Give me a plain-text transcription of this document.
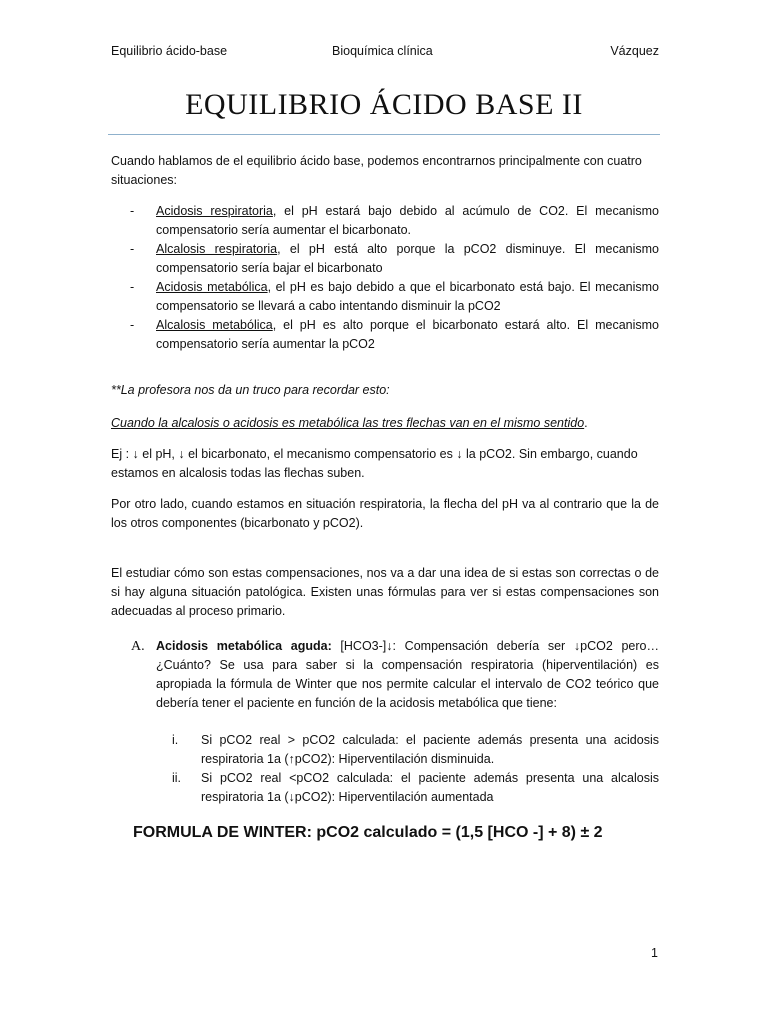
Equilibrio ácido-base	Bioquímica clínica	Vázquez
EQUILIBRIO ÁCIDO BASE II

Cuando hablamos de el equilibrio ácido base, podemos encontrarnos principalmente con cuatro situaciones:

- Acidosis respiratoria, el pH estará bajo debido al acúmulo de CO2. El mecanismo compensatorio sería aumentar el bicarbonato.
- Alcalosis respiratoria, el pH está alto porque la pCO2 disminuye. El mecanismo compensatorio sería bajar el bicarbonato
- Acidosis metabólica, el pH es bajo debido a que el bicarbonato está bajo. El mecanismo compensatorio se llevará a cabo intentando disminuir la pCO2
- Alcalosis metabólica, el pH es alto porque el bicarbonato estará alto. El mecanismo compensatorio sería aumentar la pCO2

**La profesora nos da un truco para recordar esto:

Cuando la alcalosis o acidosis es metabólica las tres flechas van en el mismo sentido.

Ej : ↓ el pH, ↓ el bicarbonato, el mecanismo compensatorio es ↓ la pCO2. Sin embargo, cuando estamos en alcalosis todas las flechas suben.

Por otro lado, cuando estamos en situación respiratoria, la flecha del pH va al contrario que la de los otros componentes (bicarbonato y pCO2).

El estudiar cómo son estas compensaciones, nos va a dar una idea de si estas son correctas o de si hay alguna situación patológica. Existen unas fórmulas para ver si estas compensaciones son adecuadas al proceso primario.

A. Acidosis metabólica aguda: [HCO3-]↓: Compensación debería ser ↓pCO2 pero… ¿Cuánto? Se usa para saber si la compensación respiratoria (hiperventilación) es apropiada la fórmula de Winter que nos permite calcular el intervalo de CO2 teórico que debería tener el paciente en función de la acidosis metabólica que tiene:
i. Si pCO2 real > pCO2 calculada: el paciente además presenta una acidosis respiratoria 1a (↑pCO2): Hiperventilación disminuida.
ii. Si pCO2 real <pCO2 calculada: el paciente además presenta una alcalosis respiratoria 1a (↓pCO2): Hiperventilación aumentada
FORMULA DE WINTER: pCO2 calculado = (1,5 [HCO -] + 8) ± 2
1
